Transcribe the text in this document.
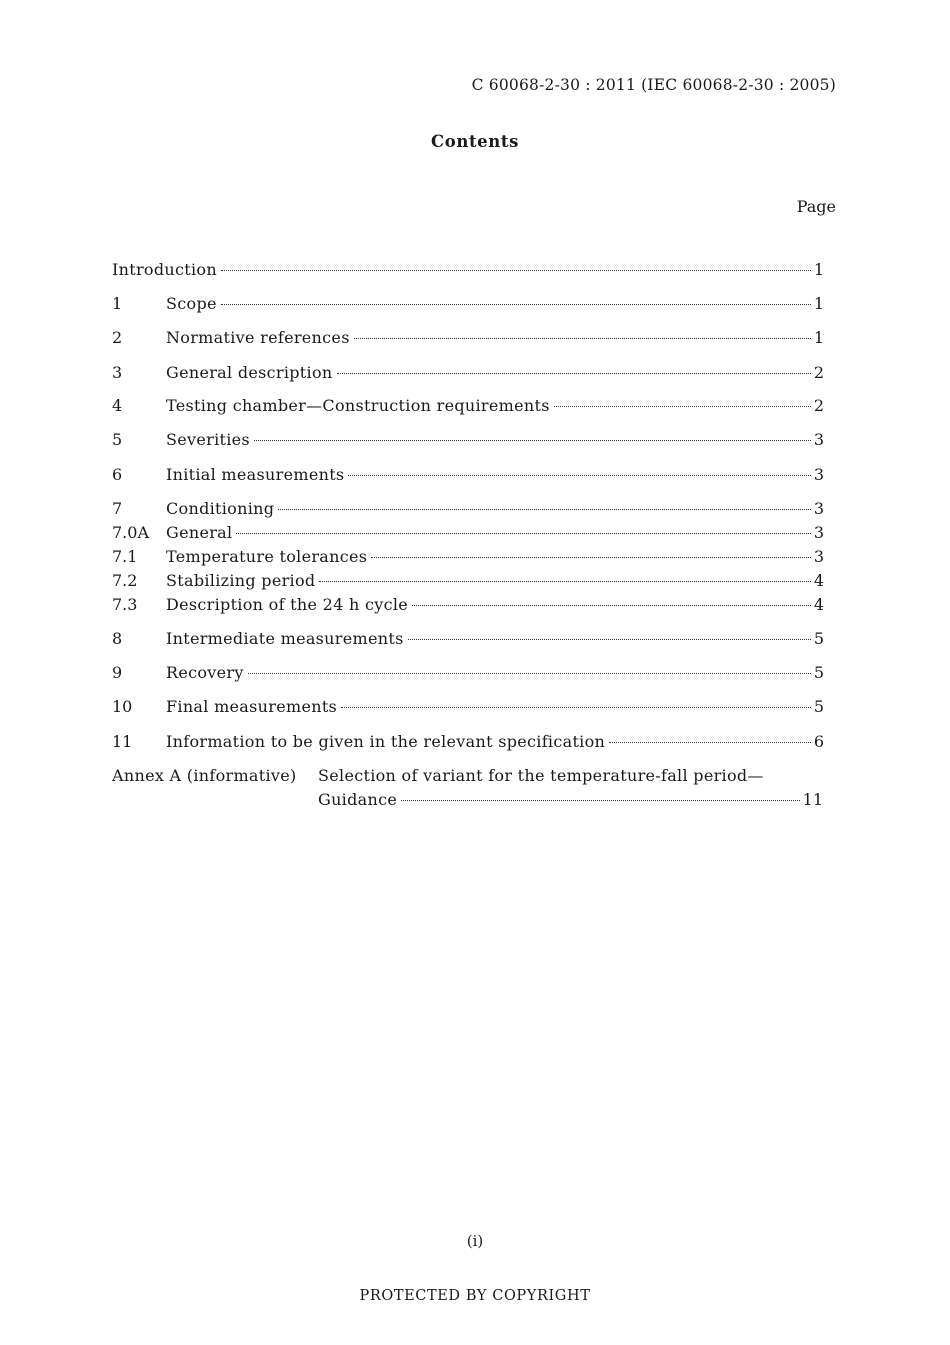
C 60068-2-30 : 2011 (IEC 60068-2-30 : 2005)
Contents
Page
Introduction	1
1	Scope	1
2	Normative references	1
3	General description	2
4	Testing chamber—Construction requirements	2
5	Severities	3
6	Initial measurements	3
7	Conditioning	3
7.0A	General	3
7.1	Temperature tolerances	3
7.2	Stabilizing period	4
7.3	Description of the 24 h cycle	4
8	Intermediate measurements	5
9	Recovery	5
10	Final measurements	5
11	Information to be given in the relevant specification	6
Annex A (informative)	Selection of variant for the temperature-fall period—
Guidance	11
(i)
PROTECTED BY COPYRIGHT
